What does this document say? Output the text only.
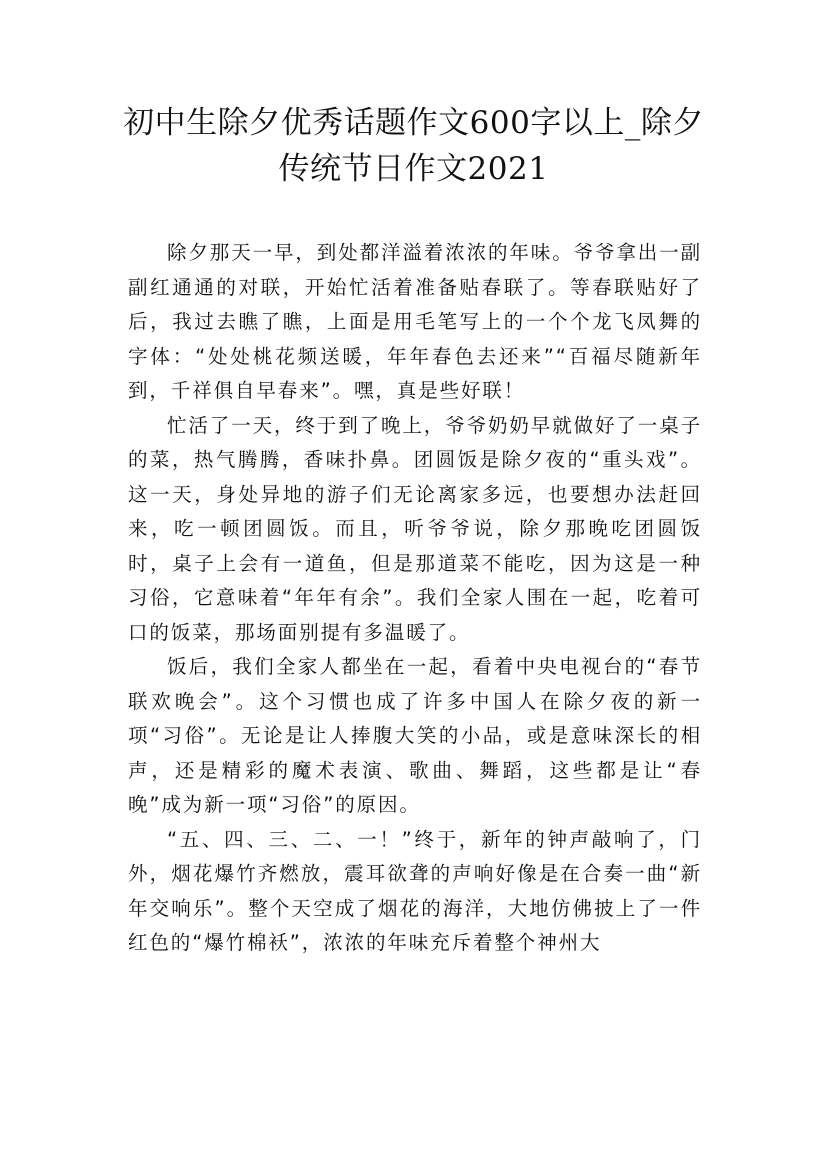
初中生除夕优秀话题作文600字以上_除夕
传统节日作文2021

除夕那天一早，到处都洋溢着浓浓的年味。爷爷拿出一副副红通通的对联，开始忙活着准备贴春联了。等春联贴好了后，我过去瞧了瞧，上面是用毛笔写上的一个个龙飞凤舞的字体：“处处桃花频送暖，年年春色去还来”“百福尽随新年到，千祥俱自早春来”。嘿，真是些好联！

忙活了一天，终于到了晚上，爷爷奶奶早就做好了一桌子的菜，热气腾腾，香味扑鼻。团圆饭是除夕夜的“重头戏”。这一天，身处异地的游子们无论离家多远，也要想办法赶回来，吃一顿团圆饭。而且，听爷爷说，除夕那晚吃团圆饭时，桌子上会有一道鱼，但是那道菜不能吃，因为这是一种习俗，它意味着“年年有余”。我们全家人围在一起，吃着可口的饭菜，那场面别提有多温暖了。

饭后，我们全家人都坐在一起，看着中央电视台的“春节联欢晚会”。这个习惯也成了许多中国人在除夕夜的新一项“习俗”。无论是让人捧腹大笑的小品，或是意味深长的相声，还是精彩的魔术表演、歌曲、舞蹈，这些都是让“春晚”成为新一项“习俗”的原因。

“五、四、三、二、一！”终于，新年的钟声敲响了，门外，烟花爆竹齐燃放，震耳欲聋的声响好像是在合奏一曲“新年交响乐”。整个天空成了烟花的海洋，大地仿佛披上了一件红色的“爆竹棉袄”，浓浓的年味充斥着整个神州大
